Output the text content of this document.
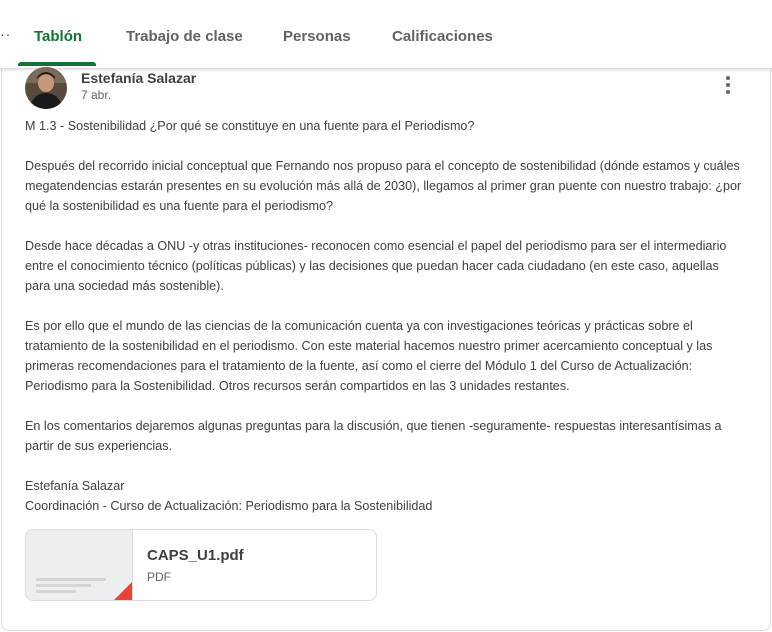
·· Tablón	Trabajo de clase	Personas	Calificaciones
Estefanía Salazar
7 abr.

M 1.3 - Sostenibilidad ¿Por qué se constituye en una fuente para el Periodismo?

Después del recorrido inicial conceptual que Fernando nos propuso para el concepto de sostenibilidad (dónde estamos y cuáles megatendencias estarán presentes en su evolución más allá de 2030), llegamos al primer gran puente con nuestro trabajo: ¿por qué la sostenibilidad es una fuente para el periodismo?

Desde hace décadas a ONU -y otras instituciones- reconocen como esencial el papel del periodismo para ser el intermediario entre el conocimiento técnico (políticas públicas) y las decisiones que puedan hacer cada ciudadano (en este caso, aquellas para una sociedad más sostenible).

Es por ello que el mundo de las ciencias de la comunicación cuenta ya con investigaciones teóricas y prácticas sobre el tratamiento de la sostenibilidad en el periodismo. Con este material hacemos nuestro primer acercamiento conceptual y las primeras recomendaciones para el tratamiento de la fuente, así como el cierre del Módulo 1 del Curso de Actualización: Periodismo para la Sostenibilidad. Otros recursos serán compartidos en las 3 unidades restantes.

En los comentarios dejaremos algunas preguntas para la discusión, que tienen -seguramente- respuestas interesantísimas a partir de sus experiencias.

Estefanía Salazar

Coordinación - Curso de Actualización: Periodismo para la Sostenibilidad

CAPS_U1.pdf
PDF
